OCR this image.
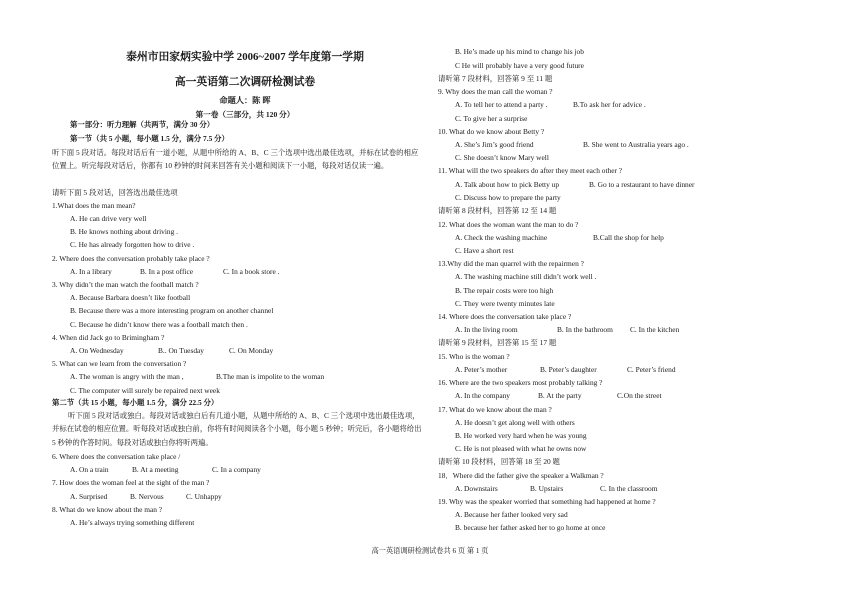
泰州市田家炳实验中学 2006~2007 学年度第一学期
高一英语第二次调研检测试卷
命题人：陈 晖
第一卷（三部分，共 120 分）
第一部分：听力理解（共两节，满分 30 分）
第一节（共 5 小题，每小题 1.5 分，满分 7.5 分）
听下面 5 段对话。每段对话后有一道小题，从题中所给的 A、B、C 三个选项中选出最佳选项，并标在试卷的相应位置上。听完每段对话后，你都有 10 秒钟的时间来回答有关小题和阅读下一小题，每段对话仅读一遍。
请听下面 5 段对话，回答选出最佳选项
1.What does the man mean?
A. He can drive very well
B. He knows nothing about driving .
C. He has already forgotten how to drive .
2. Where does the conversation probably take place ?
A. In a library	B. In a post office	C. In a book store .
3. Why didn’t the man watch the football match ?
A. Because Barbara doesn’t like football
B. Because there was a more interesting program on another channel
C. Because he didn’t know there was a football match then .
4. When did Jack go to Brimingham ?
A. On Wednesday	B.. On Tuesday	C. On Monday
5. What can we learn from the conversation ?
A. The woman is angry with the man ,	B.The man is impolite to the woman
C. The computer will surely be repaired next week
第二节（共 15 小题，每小题 1.5 分，满分 22.5 分）
听下面 5 段对话或独白。每段对话或独白后有几道小题，从题中所给的 A、B、C 三个选项中选出最佳选项，并标在试卷的相应位置。听每段对话或独白前，你将有时间阅读各个小题，每小题 5 秒钟；听完后，各小题将给出 5 秒钟的作答时间。每段对话或独白你将听两遍。
6. Where does the conversation take place /
A. On a train	B. At a meeting	C. In a company
7. How does the woman feel at the sight of the man ?
A. Surprised	B. Nervous	C. Unhappy
8. What do we know about the man ?
A. He’s always trying something different
B. He’s made up his mind to change his job
C He will probably have a very good future
请听第 7 段材料，回答第 9 至 11 题
9. Why does the man call the woman ?
A. To tell her to attend a party .	B.To ask her for advice .
C. To give her a surprise
10. What do we know about Betty ?
A. She’s Jim’s good friend	B. She went to Australia years ago .
C. She doesn’t know Mary well
11. What will the two speakers do after they meet each other ?
A. Talk about how to pick Betty up	B. Go to a restaurant to have dinner
C. Discuss how to prepare the party
请听第 8 段材料，回答第 12 至 14 题
12. What does the woman want the man to do ?
A. Check the washing machine	B.Call the shop for help
C. Have a short rest
13.Why did the man quarrel with the repairmen ?
A. The washing machine still didn’t work well .
B. The repair costs were too high
C. They were twenty minutes late
14. Where does the conversation take place ?
A. In the living room	B. In the bathroom C. In the kitchen
请听第 9 段材料，回答第 15 至 17 题
15. Who is the woman ?
A. Peter’s mother	B. Peter’s daughter	C. Peter’s friend
16. Where are the two speakers most probably talking ?
A. In the company	B. At the party	C.On the street
17. What do we know about the man ?
A. He doesn’t get along well with others
B. He worked very hard when he was young
C. He is not pleased with what he owns now
请听第 10 段材料，回答第 18 至 20 题
18．Where did the father give the speaker a Walkman ?
A. Downstairs	B. Upstairs	C. In the classroom
19. Why was the speaker worried that something had happened at home ?
A. Because her father looked very sad
B. because her father asked her to go home at once
高一英语调研检测试卷共 6 页 第 1 页
